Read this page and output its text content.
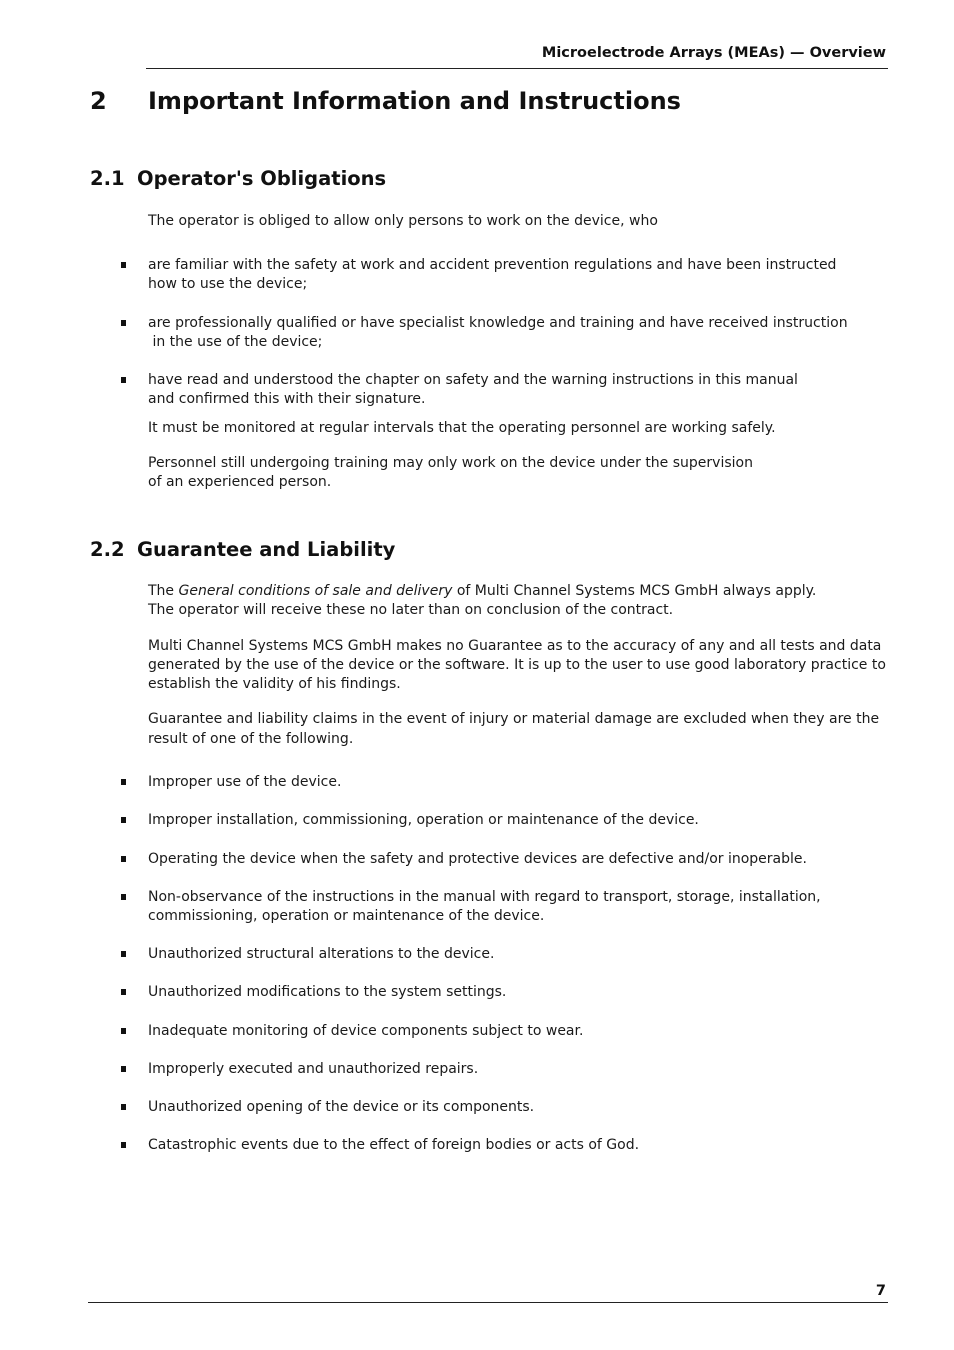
Microelectrode Arrays (MEAs) — Overview
2 Important Information and Instructions
2.1 Operator's Obligations

The operator is obliged to allow only persons to work on the device, who

are familiar with the safety at work and accident prevention regulations and have been instructed
how to use the device;
are professionally qualified or have specialist knowledge and training and have received instruction
in the use of the device;
have read and understood the chapter on safety and the warning instructions in this manual
and confirmed this with their signature.

It must be monitored at regular intervals that the operating personnel are working safely.

Personnel still undergoing training may only work on the device under the supervision
of an experienced person.

2.2 Guarantee and Liability

The General conditions of sale and delivery of Multi Channel Systems MCS GmbH always apply.
The operator will receive these no later than on conclusion of the contract.

Multi Channel Systems MCS GmbH makes no Guarantee as to the accuracy of any and all tests and data
generated by the use of the device or the software. It is up to the user to use good laboratory practice to
establish the validity of his findings.

Guarantee and liability claims in the event of injury or material damage are excluded when they are the
result of one of the following.

Improper use of the device.
Improper installation, commissioning, operation or maintenance of the device.
Operating the device when the safety and protective devices are defective and/or inoperable.
Non-observance of the instructions in the manual with regard to transport, storage, installation,
commissioning, operation or maintenance of the device.
Unauthorized structural alterations to the device.
Unauthorized modifications to the system settings.
Inadequate monitoring of device components subject to wear.
Improperly executed and unauthorized repairs.
Unauthorized opening of the device or its components.
Catastrophic events due to the effect of foreign bodies or acts of God.
7
